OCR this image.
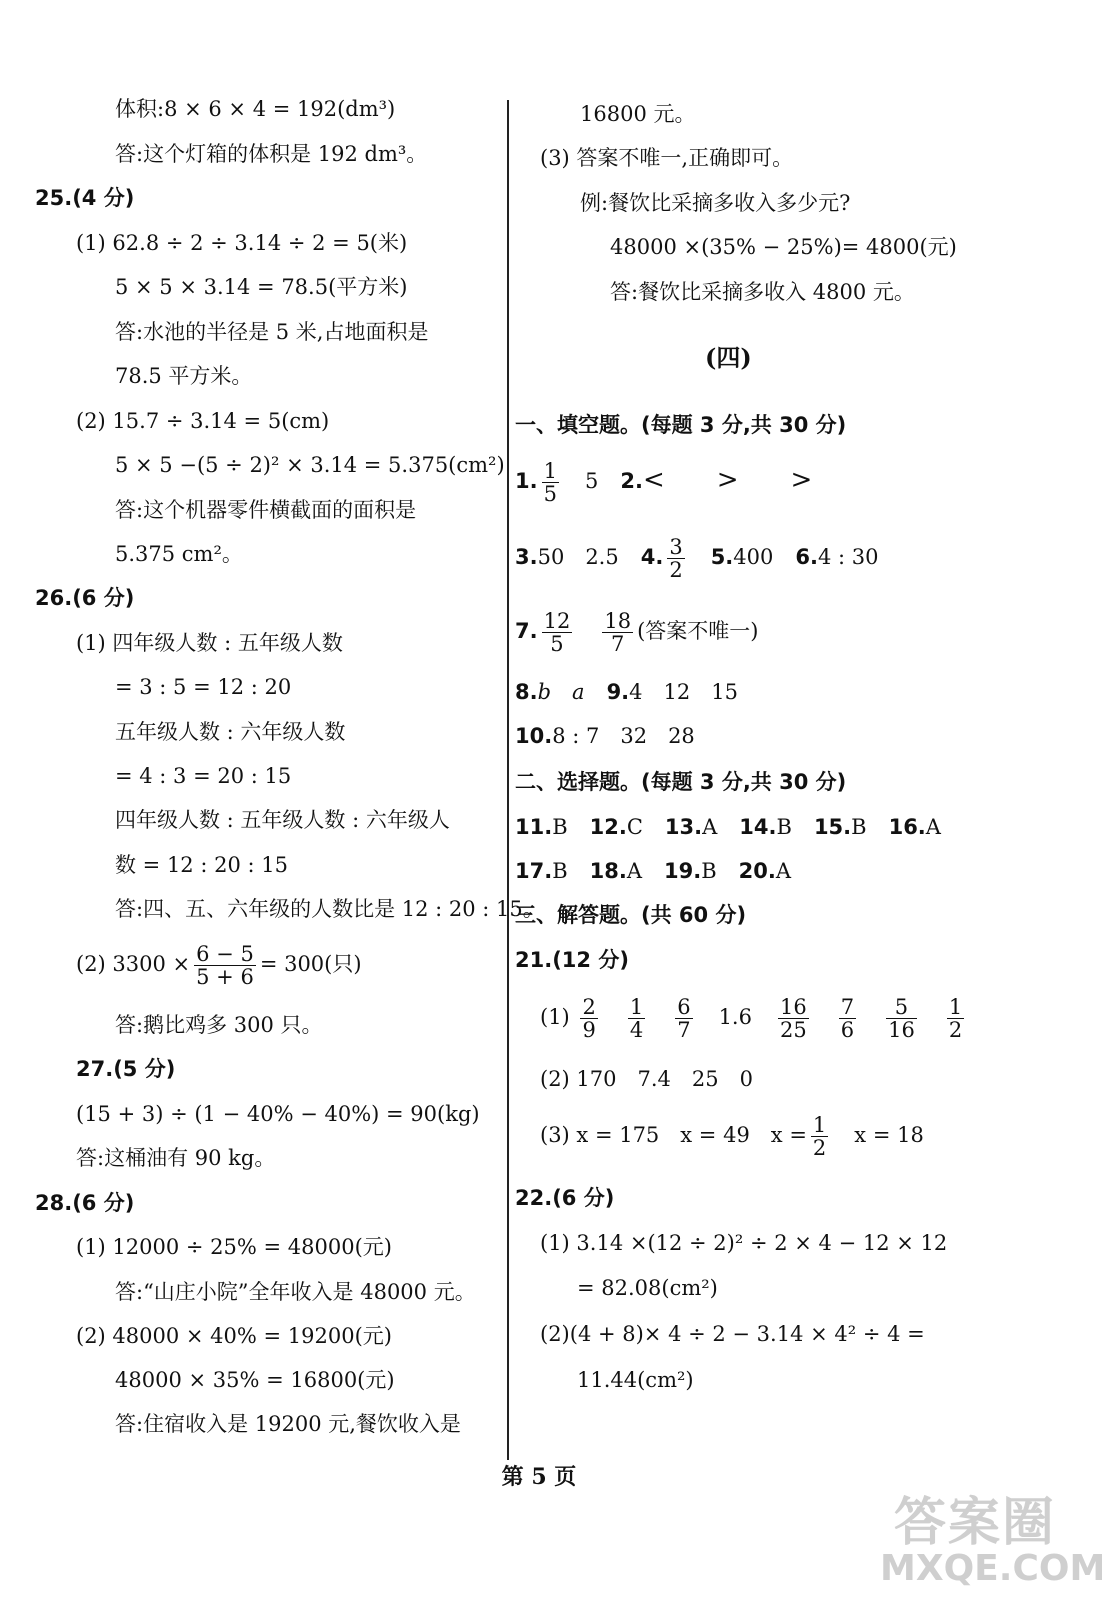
体积:8 × 6 × 4 = 192(dm³)
答:这个灯箱的体积是 192 dm³。
25.(4 分)
(1) 62.8 ÷ 2 ÷ 3.14 ÷ 2 = 5(米)
5 × 5 × 3.14 = 78.5(平方米)
答:水池的半径是 5 米,占地面积是
78.5 平方米。
(2) 15.7 ÷ 3.14 = 5(cm)
5 × 5 −(5 ÷ 2)² × 3.14 = 5.375(cm²)
答:这个机器零件横截面的面积是
5.375 cm²。
26.(6 分)
(1) 四年级人数 : 五年级人数
= 3 : 5 = 12 : 20
五年级人数 : 六年级人数
= 4 : 3 = 20 : 15
四年级人数 : 五年级人数 : 六年级人
数 = 12 : 20 : 15
答:四、五、六年级的人数比是 12 : 20 : 15。
(2) $3300 \times \frac{6 - 5}{5 + 6} = 300$(只)
答:鹅比鸡多 300 只。
27.(5 分)
(15 + 3) ÷ (1 − 40% − 40%) = 90(kg)
答:这桶油有 90 kg。
28.(6 分)
(1) 12000 ÷ 25% = 48000(元)
答:“山庄小院”全年收入是 48000 元。
(2) 48000 × 40% = 19200(元)
48000 × 35% = 16800(元)
答:住宿收入是 19200 元,餐饮收入是
16800 元。
(3) 答案不唯一,正确即可。
例:餐饮比采摘多收入多少元?
48000 ×(35% − 25%)= 4800(元)
答:餐饮比采摘多收入 4800 元。
(四)
一、填空题。(每题 3 分,共 30 分)
1. $\frac{1}{5} 5$ 2.<　　>　　>
3.50　2.5 4. $\frac{3}{2} 5.400$ 6.4 : 30
7. $\frac{12}{5} \frac{18}{7}$ (答案不唯一)
8.b　a 9.4　12　15
10.8 : 7　32　28
二、选择题。(每题 3 分,共 30 分)
11.B 12.C 13.A 14.B 15.B 16.A
17.B 18.A 19.B 20.A
三、解答题。(共 60 分)
21.(12 分)
$(1) \frac{2}{9} \frac{1}{4} \frac{6}{7} 1.6 \frac{16}{25} \frac{7}{6} \frac{5}{16} \frac{1}{2}$
(2) 170　7.4　25　0
(3) x = 175　x = 49　$x = \frac{1}{2}$ x = 18
22.(6 分)
(1) 3.14 ×(12 ÷ 2)² ÷ 2 × 4 − 12 × 12
= 82.08(cm²)
(2)(4 + 8)× 4 ÷ 2 − 3.14 × 4² ÷ 4 =
11.44(cm²)
第 5 页
答案圈
MXQE.COM
